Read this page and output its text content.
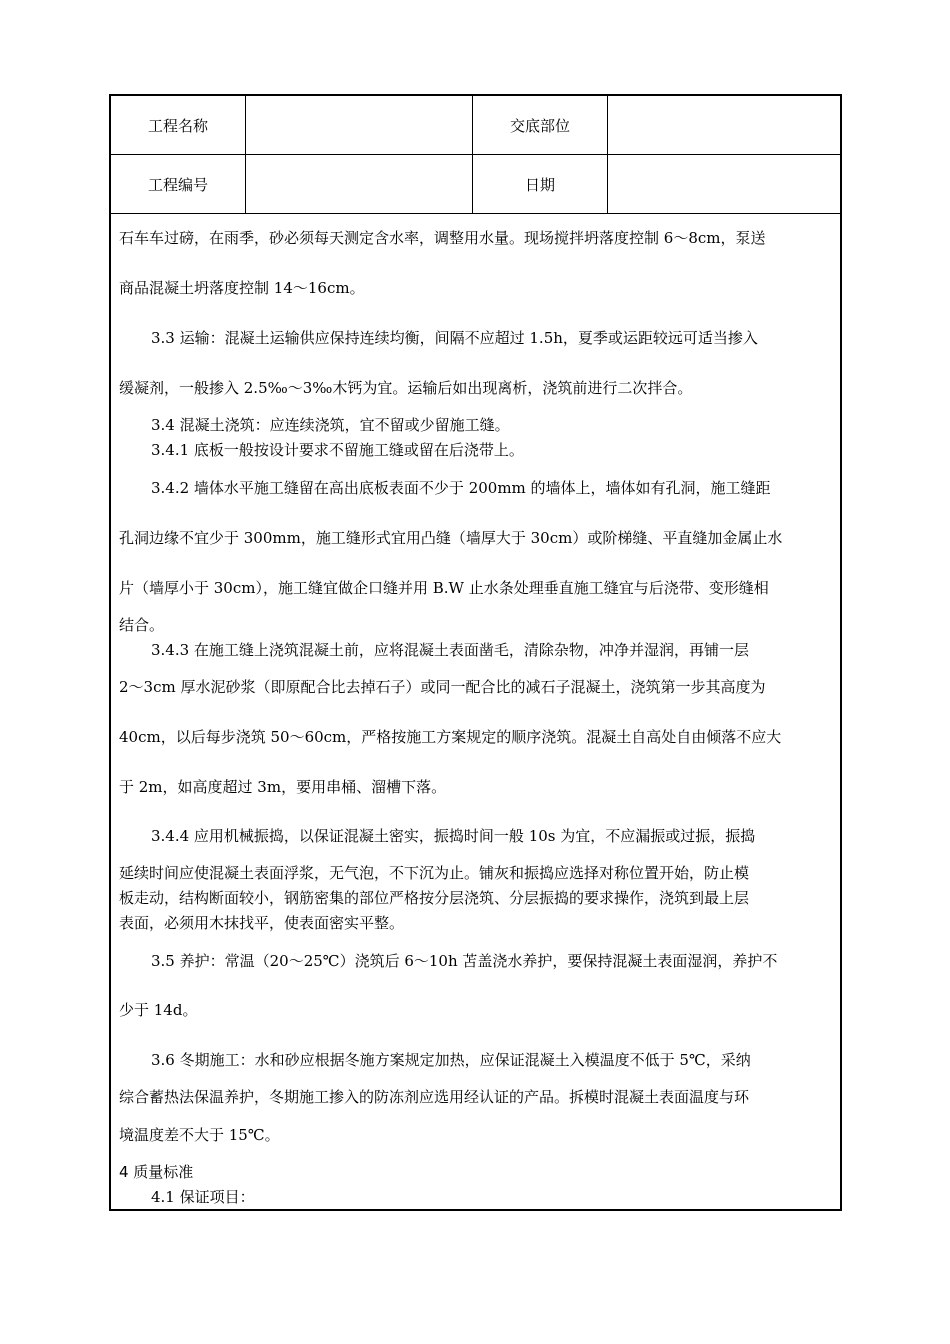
工程名称	交底部位
工程编号	日期
石车车过磅，在雨季，砂必须每天测定含水率，调整用水量。现场搅拌坍落度控制 6～8cm，泵送
商品混凝土坍落度控制 14～16cm。
3.3 运输：混凝土运输供应保持连续均衡，间隔不应超过 1.5h，夏季或运距较远可适当掺入
缓凝剂，一般掺入 2.5‰～3‰木钙为宜。运输后如出现离析，浇筑前进行二次拌合。
3.4 混凝土浇筑：应连续浇筑，宜不留或少留施工缝。
3.4.1 底板一般按设计要求不留施工缝或留在后浇带上。
3.4.2 墙体水平施工缝留在高出底板表面不少于 200mm 的墙体上，墙体如有孔洞，施工缝距
孔洞边缘不宜少于 300mm，施工缝形式宜用凸缝（墙厚大于 30cm）或阶梯缝、平直缝加金属止水
片（墙厚小于 30cm），施工缝宜做企口缝并用 B.W 止水条处理垂直施工缝宜与后浇带、变形缝相
结合。
3.4.3 在施工缝上浇筑混凝土前，应将混凝土表面凿毛，清除杂物，冲净并湿润，再铺一层
2～3cm 厚水泥砂浆（即原配合比去掉石子）或同一配合比的减石子混凝土，浇筑第一步其高度为
40cm，以后每步浇筑 50～60cm，严格按施工方案规定的顺序浇筑。混凝土自高处自由倾落不应大
于 2m，如高度超过 3m，要用串桶、溜槽下落。
3.4.4 应用机械振捣，以保证混凝土密实，振捣时间一般 10s 为宜，不应漏振或过振，振捣
延续时间应使混凝土表面浮浆，无气泡，不下沉为止。铺灰和振捣应选择对称位置开始，防止模
板走动，结构断面较小，钢筋密集的部位严格按分层浇筑、分层振捣的要求操作，浇筑到最上层
表面，必须用木抹找平，使表面密实平整。
3.5 养护：常温（20～25℃）浇筑后 6～10h 苫盖浇水养护，要保持混凝土表面湿润，养护不
少于 14d。
3.6 冬期施工：水和砂应根据冬施方案规定加热，应保证混凝土入模温度不低于 5℃，采纳
综合蓄热法保温养护，冬期施工掺入的防冻剂应选用经认证的产品。拆模时混凝土表面温度与环
境温度差不大于 15℃。
4 质量标准
4.1 保证项目：
